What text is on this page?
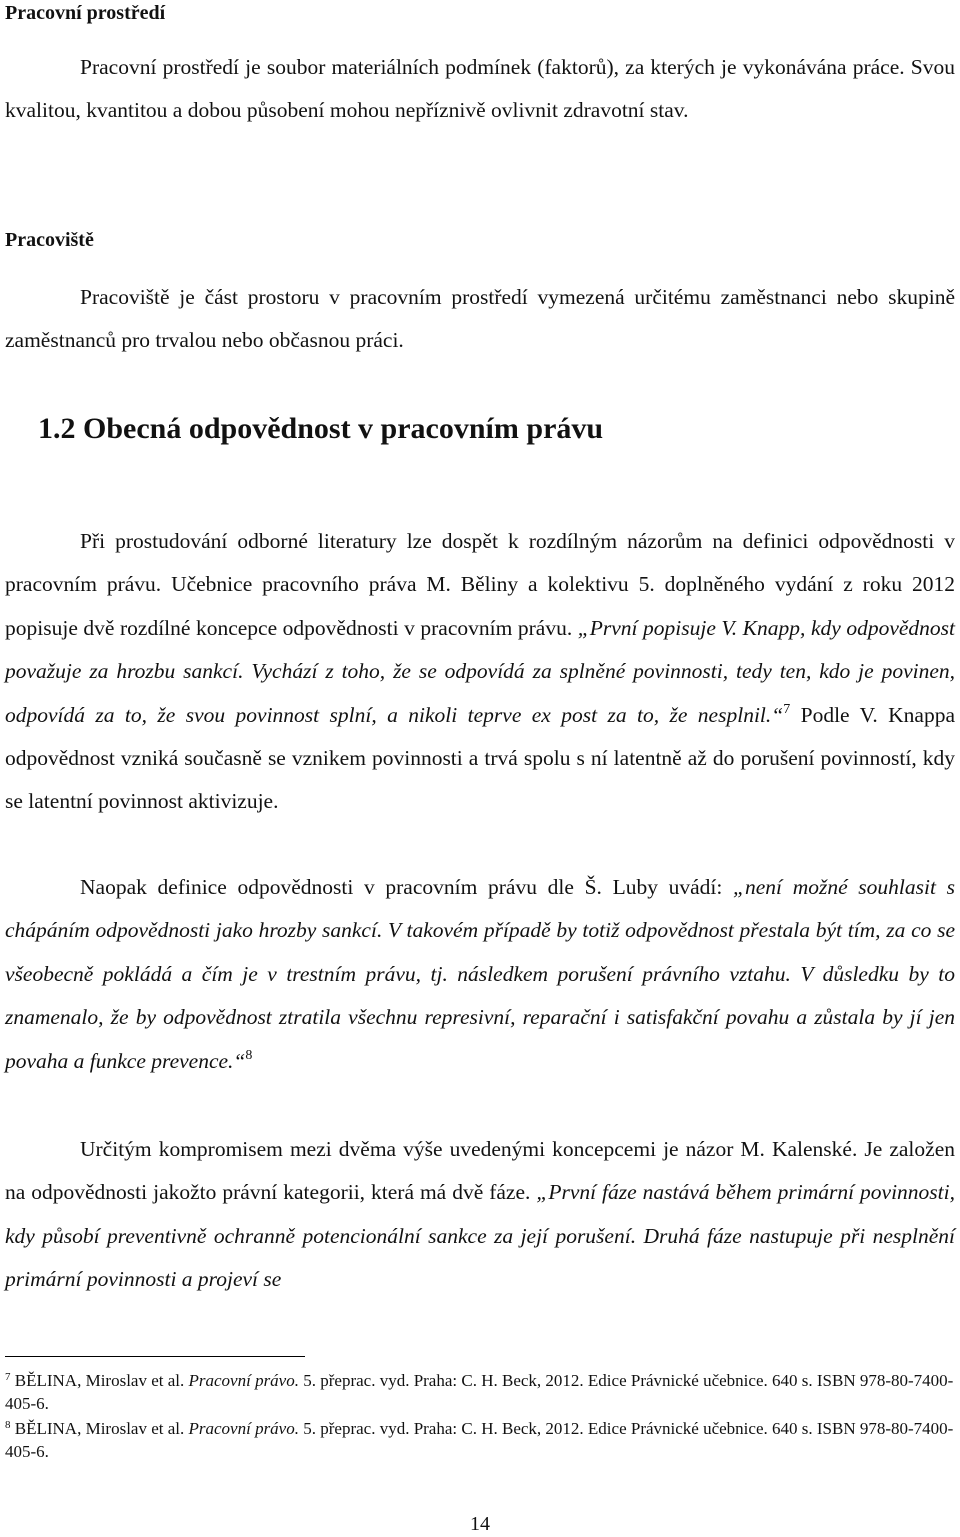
Pracovní prostředí

Pracovní prostředí je soubor materiálních podmínek (faktorů), za kterých je vykonávána práce. Svou kvalitou, kvantitou a dobou působení mohou nepříznivě ovlivnit zdravotní stav.

Pracoviště

Pracoviště je část prostoru v pracovním prostředí vymezená určitému zaměstnanci nebo skupině zaměstnanců pro trvalou nebo občasnou práci.

1.2 Obecná odpovědnost v pracovním právu

Při prostudování odborné literatury lze dospět k rozdílným názorům na definici odpovědnosti v pracovním právu. Učebnice pracovního práva M. Běliny a kolektivu 5. doplněného vydání z roku 2012 popisuje dvě rozdílné koncepce odpovědnosti v pracovním právu. „První popisuje V. Knapp, kdy odpovědnost považuje za hrozbu sankcí. Vychází z toho, že se odpovídá za splněné povinnosti, tedy ten, kdo je povinen, odpovídá za to, že svou povinnost splní, a nikoli teprve ex post za to, že nesplnil.“$^7$ Podle V. Knappa odpovědnost vzniká současně se vznikem povinnosti a trvá spolu s ní latentně až do porušení povinností, kdy se latentní povinnost aktivizuje.

Naopak definice odpovědnosti v pracovním právu dle Š. Luby uvádí: „není možné souhlasit s chápáním odpovědnosti jako hrozby sankcí. V takovém případě by totiž odpovědnost přestala být tím, za co se všeobecně pokládá a čím je v trestním právu, tj. následkem porušení právního vztahu. V důsledku by to znamenalo, že by odpovědnost ztratila všechnu represivní, reparační i satisfakční povahu a zůstala by jí jen povaha a funkce prevence.“$^8$

Určitým kompromisem mezi dvěma výše uvedenými koncepcemi je názor M. Kalenské. Je založen na odpovědnosti jakožto právní kategorii, která má dvě fáze. „První fáze nastává během primární povinnosti, kdy působí preventivně ochranně potencionální sankce za její porušení. Druhá fáze nastupuje při nesplnění primární povinnosti a projeví se

$^7$ BĚLINA, Miroslav et al. Pracovní právo. 5. přeprac. vyd. Praha: C. H. Beck, 2012. Edice Právnické učebnice. 640 s. ISBN 978-80-7400-405-6.

$^8$ BĚLINA, Miroslav et al. Pracovní právo. 5. přeprac. vyd. Praha: C. H. Beck, 2012. Edice Právnické učebnice. 640 s. ISBN 978-80-7400-405-6.

14
